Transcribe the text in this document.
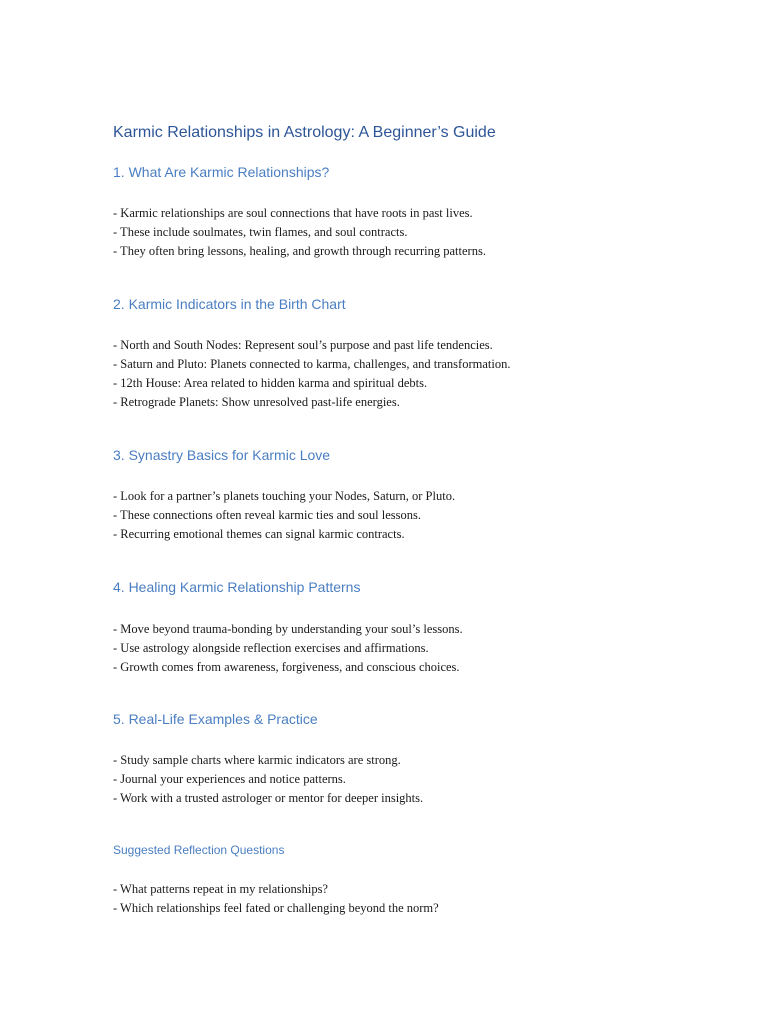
Karmic Relationships in Astrology: A Beginner’s Guide
1. What Are Karmic Relationships?

- Karmic relationships are soul connections that have roots in past lives.
- These include soulmates, twin flames, and soul contracts.
- They often bring lessons, healing, and growth through recurring patterns.

2. Karmic Indicators in the Birth Chart

- North and South Nodes: Represent soul’s purpose and past life tendencies.
- Saturn and Pluto: Planets connected to karma, challenges, and transformation.
- 12th House: Area related to hidden karma and spiritual debts.
- Retrograde Planets: Show unresolved past-life energies.

3. Synastry Basics for Karmic Love

- Look for a partner’s planets touching your Nodes, Saturn, or Pluto.
- These connections often reveal karmic ties and soul lessons.
- Recurring emotional themes can signal karmic contracts.

4. Healing Karmic Relationship Patterns

- Move beyond trauma-bonding by understanding your soul’s lessons.
- Use astrology alongside reflection exercises and affirmations.
- Growth comes from awareness, forgiveness, and conscious choices.

5. Real-Life Examples & Practice

- Study sample charts where karmic indicators are strong.
- Journal your experiences and notice patterns.
- Work with a trusted astrologer or mentor for deeper insights.

Suggested Reflection Questions

- What patterns repeat in my relationships?
- Which relationships feel fated or challenging beyond the norm?
